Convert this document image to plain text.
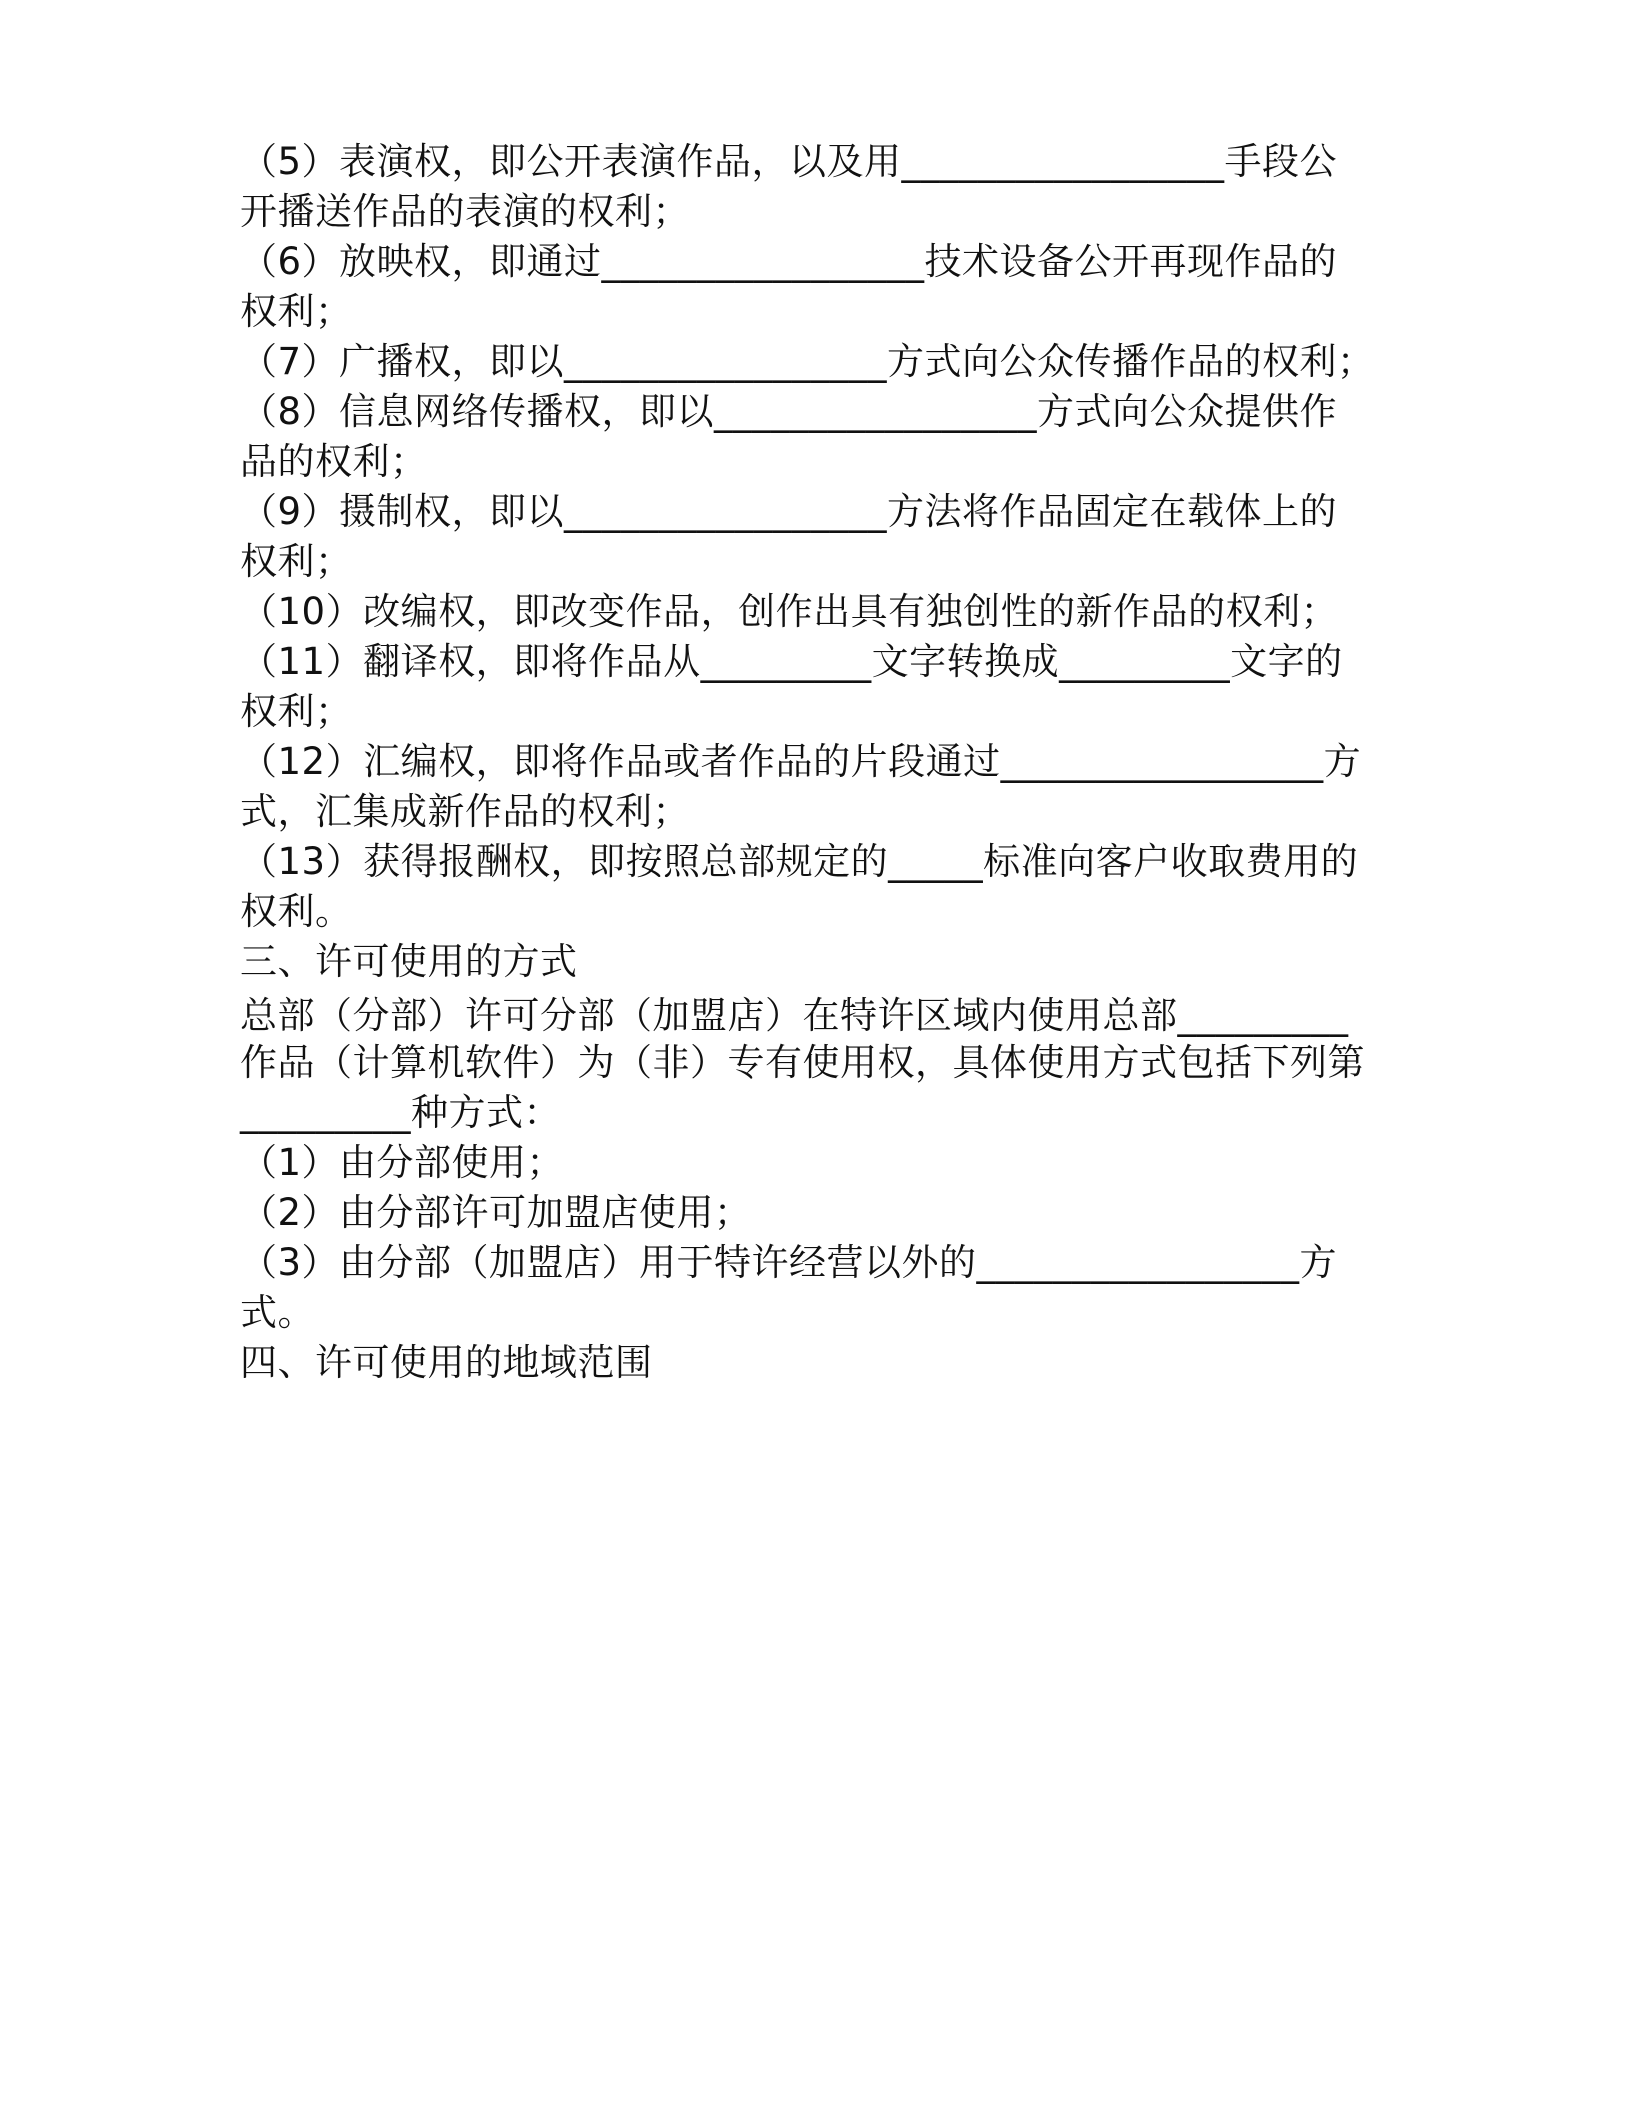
（5）表演权，即公开表演作品，以及用_________________手段公
开播送作品的表演的权利；
（6）放映权，即通过_________________技术设备公开再现作品的
权利；
（7）广播权，即以_________________方式向公众传播作品的权利；
（8）信息网络传播权，即以_________________方式向公众提供作
品的权利；
（9）摄制权，即以_________________方法将作品固定在载体上的
权利；
（10）改编权，即改变作品，创作出具有独创性的新作品的权利；
（11）翻译权，即将作品从_________文字转换成_________文字的
权利；
（12）汇编权，即将作品或者作品的片段通过_________________方
式，汇集成新作品的权利；
（13）获得报酬权，即按照总部规定的_____标准向客户收取费用的
权利。
三、许可使用的方式
总部（分部）许可分部（加盟店）在特许区域内使用总部_________
作品（计算机软件）为（非）专有使用权，具体使用方式包括下列第
_________种方式：
（1）由分部使用；
（2）由分部许可加盟店使用；
（3）由分部（加盟店）用于特许经营以外的_________________方
式。
四、许可使用的地域范围
